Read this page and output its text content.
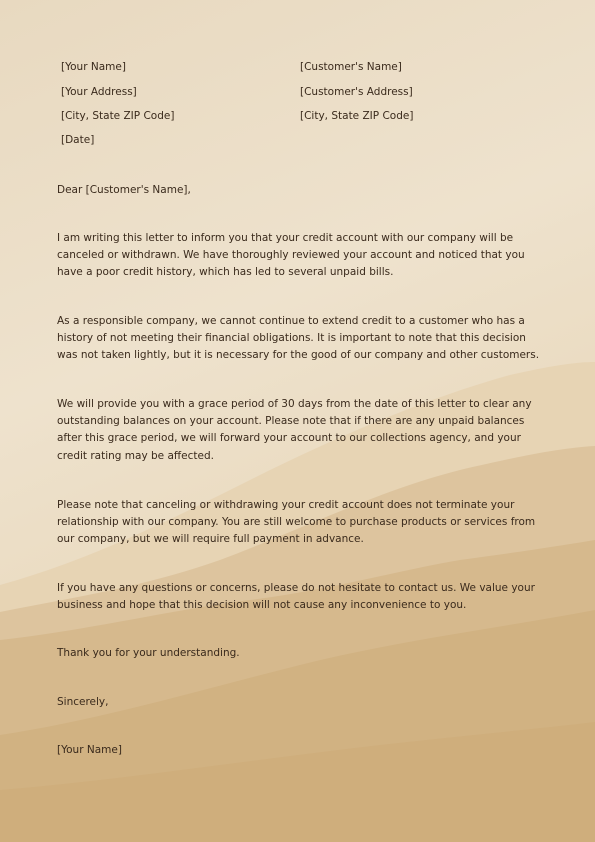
[Your Name]
[Your Address]
[City, State ZIP Code]
[Date]
[Customer's Name]
[Customer's Address]
[City, State ZIP Code]

Dear [Customer's Name],

I am writing this letter to inform you that your credit account with our company will be canceled or withdrawn. We have thoroughly reviewed your account and noticed that you have a poor credit history, which has led to several unpaid bills.

As a responsible company, we cannot continue to extend credit to a customer who has a history of not meeting their financial obligations. It is important to note that this decision was not taken lightly, but it is necessary for the good of our company and other customers.

We will provide you with a grace period of 30 days from the date of this letter to clear any outstanding balances on your account. Please note that if there are any unpaid balances after this grace period, we will forward your account to our collections agency, and your credit rating may be affected.

Please note that canceling or withdrawing your credit account does not terminate your relationship with our company. You are still welcome to purchase products or services from our company, but we will require full payment in advance.

If you have any questions or concerns, please do not hesitate to contact us. We value your business and hope that this decision will not cause any inconvenience to you.

Thank you for your understanding.

Sincerely,

[Your Name]
